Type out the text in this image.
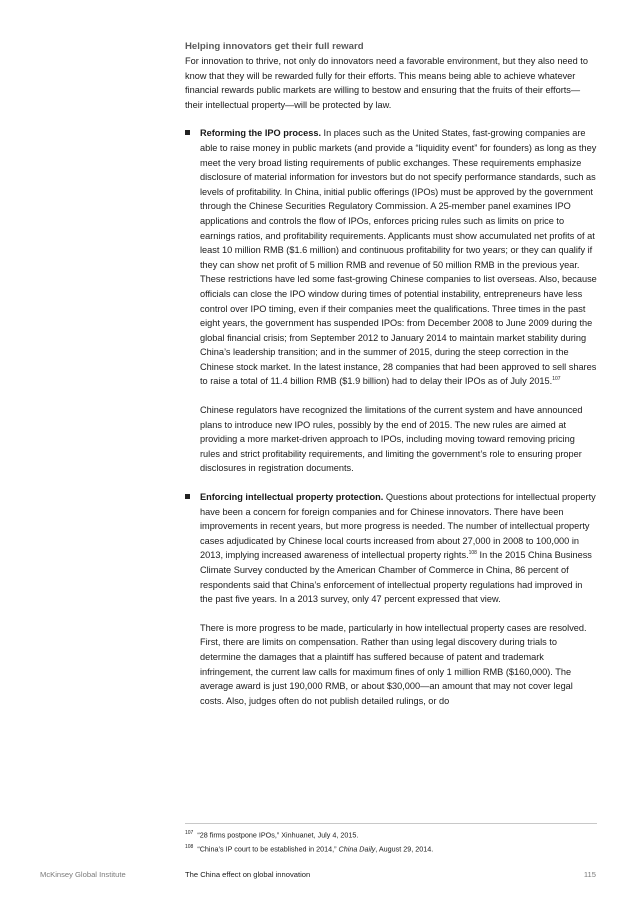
Helping innovators get their full reward

For innovation to thrive, not only do innovators need a favorable environment, but they also need to know that they will be rewarded fully for their efforts. This means being able to achieve whatever financial rewards public markets are willing to bestow and ensuring that the fruits of their efforts—their intellectual property—will be protected by law.

Reforming the IPO process. In places such as the United States, fast-growing companies are able to raise money in public markets (and provide a “liquidity event” for founders) as long as they meet the very broad listing requirements of public exchanges. These requirements emphasize disclosure of material information for investors but do not specify performance standards, such as levels of profitability. In China, initial public offerings (IPOs) must be approved by the government through the Chinese Securities Regulatory Commission. A 25-member panel examines IPO applications and controls the flow of IPOs, enforces pricing rules such as limits on price to earnings ratios, and profitability requirements. Applicants must show accumulated net profits of at least 10 million RMB ($1.6 million) and continuous profitability for two years; or they can qualify if they can show net profit of 5 million RMB and revenue of 50 million RMB in the previous year. These restrictions have led some fast-growing Chinese companies to list overseas. Also, because officials can close the IPO window during times of potential instability, entrepreneurs have less control over IPO timing, even if their companies meet the qualifications. Three times in the past eight years, the government has suspended IPOs: from December 2008 to June 2009 during the global financial crisis; from September 2012 to January 2014 to maintain market stability during China’s leadership transition; and in the summer of 2015, during the steep correction in the Chinese stock market. In the latest instance, 28 companies that had been approved to sell shares to raise a total of 11.4 billion RMB ($1.9 billion) had to delay their IPOs as of July 2015.$^{107}$

Chinese regulators have recognized the limitations of the current system and have announced plans to introduce new IPO rules, possibly by the end of 2015. The new rules are aimed at providing a more market-driven approach to IPOs, including moving toward removing pricing rules and strict profitability requirements, and limiting the government’s role to ensuring proper disclosures in registration documents.

Enforcing intellectual property protection. Questions about protections for intellectual property have been a concern for foreign companies and for Chinese innovators. There have been improvements in recent years, but more progress is needed. The number of intellectual property cases adjudicated by Chinese local courts increased from about 27,000 in 2008 to 100,000 in 2013, implying increased awareness of intellectual property rights.$^{108}$ In the 2015 China Business Climate Survey conducted by the American Chamber of Commerce in China, 86 percent of respondents said that China’s enforcement of intellectual property regulations had improved in the past five years. In a 2013 survey, only 47 percent expressed that view.

There is more progress to be made, particularly in how intellectual property cases are resolved. First, there are limits on compensation. Rather than using legal discovery during trials to determine the damages that a plaintiff has suffered because of patent and trademark infringement, the current law calls for maximum fines of only 1 million RMB ($160,000). The average award is just 190,000 RMB, or about $30,000—an amount that may not cover legal costs. Also, judges often do not publish detailed rulings, or do

$^{107}$ “28 firms postpone IPOs,” Xinhuanet, July 4, 2015.
$^{108}$ “China’s IP court to be established in 2014,” China Daily, August 29, 2014.
McKinsey Global Institute	The China effect on global innovation	115
